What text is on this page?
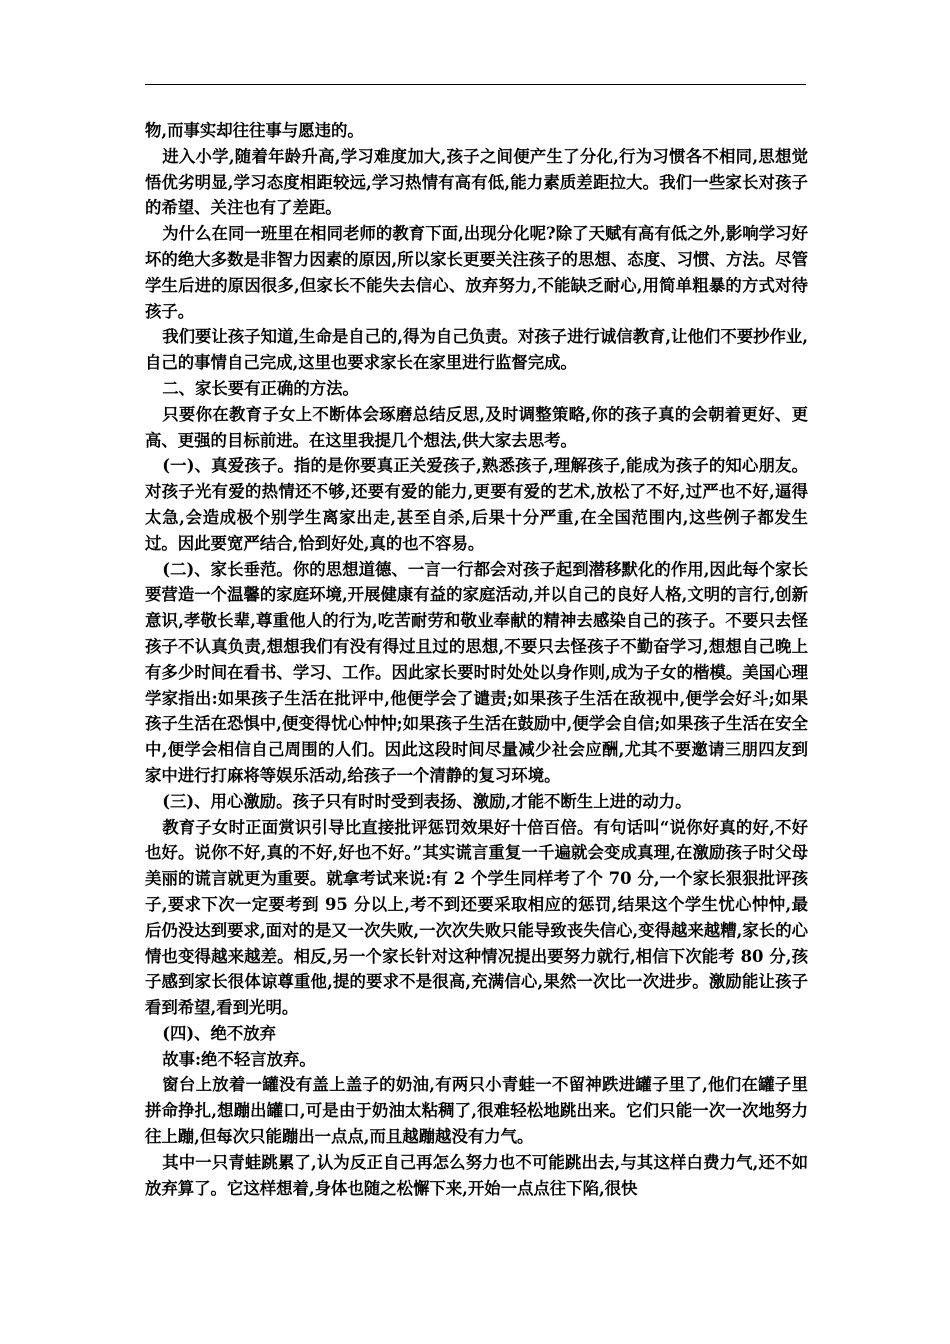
物,而事实却往往事与愿违的。

进入小学,随着年龄升高,学习难度加大,孩子之间便产生了分化,行为习惯各不相同,思想觉悟优劣明显,学习态度相距较远,学习热情有高有低,能力素质差距拉大。我们一些家长对孩子的希望、关注也有了差距。

为什么在同一班里在相同老师的教育下面,出现分化呢?除了天赋有高有低之外,影响学习好坏的绝大多数是非智力因素的原因,所以家长更要关注孩子的思想、态度、习惯、方法。尽管学生后进的原因很多,但家长不能失去信心、放弃努力,不能缺乏耐心,用简单粗暴的方式对待孩子。

我们要让孩子知道,生命是自己的,得为自己负责。对孩子进行诚信教育,让他们不要抄作业,自己的事情自己完成,这里也要求家长在家里进行监督完成。

二、家长要有正确的方法。

只要你在教育子女上不断体会琢磨总结反思,及时调整策略,你的孩子真的会朝着更好、更高、更强的目标前进。在这里我提几个想法,供大家去思考。

(一)、真爱孩子。指的是你要真正关爱孩子,熟悉孩子,理解孩子,能成为孩子的知心朋友。对孩子光有爱的热情还不够,还要有爱的能力,更要有爱的艺术,放松了不好,过严也不好,逼得太急,会造成极个别学生离家出走,甚至自杀,后果十分严重,在全国范围内,这些例子都发生过。因此要宽严结合,恰到好处,真的也不容易。

(二)、家长垂范。你的思想道德、一言一行都会对孩子起到潜移默化的作用,因此每个家长要营造一个温馨的家庭环境,开展健康有益的家庭活动,并以自己的良好人格,文明的言行,创新意识,孝敬长辈,尊重他人的行为,吃苦耐劳和敬业奉献的精神去感染自己的孩子。不要只去怪孩子不认真负责,想想我们有没有得过且过的思想,不要只去怪孩子不勤奋学习,想想自己晚上有多少时间在看书、学习、工作。因此家长要时时处处以身作则,成为子女的楷模。美国心理学家指出:如果孩子生活在批评中,他便学会了谴责;如果孩子生活在敌视中,便学会好斗;如果孩子生活在恐惧中,便变得忧心忡忡;如果孩子生活在鼓励中,便学会自信;如果孩子生活在安全中,便学会相信自己周围的人们。因此这段时间尽量减少社会应酬,尤其不要邀请三朋四友到家中进行打麻将等娱乐活动,给孩子一个清静的复习环境。

(三)、用心激励。孩子只有时时受到表扬、激励,才能不断生上进的动力。

教育子女时正面赏识引导比直接批评惩罚效果好十倍百倍。有句话叫“说你好真的好,不好也好。说你不好,真的不好,好也不好。”其实谎言重复一千遍就会变成真理,在激励孩子时父母美丽的谎言就更为重要。就拿考试来说:有 2 个学生同样考了个 70 分,一个家长狠狠批评孩子,要求下次一定要考到 95 分以上,考不到还要采取相应的惩罚,结果这个学生忧心忡忡,最后仍没达到要求,面对的是又一次失败,一次次失败只能导致丧失信心,变得越来越糟,家长的心情也变得越来越差。相反,另一个家长针对这种情况提出要努力就行,相信下次能考 80 分,孩子感到家长很体谅尊重他,提的要求不是很高,充满信心,果然一次比一次进步。激励能让孩子看到希望,看到光明。

(四)、绝不放弃

故事:绝不轻言放弃。

窗台上放着一罐没有盖上盖子的奶油,有两只小青蛙一不留神跌进罐子里了,他们在罐子里拼命挣扎,想蹦出罐口,可是由于奶油太粘稠了,很难轻松地跳出来。它们只能一次一次地努力往上蹦,但每次只能蹦出一点点,而且越蹦越没有力气。

其中一只青蛙跳累了,认为反正自己再怎么努力也不可能跳出去,与其这样白费力气,还不如放弃算了。它这样想着,身体也随之松懈下来,开始一点点往下陷,很快
